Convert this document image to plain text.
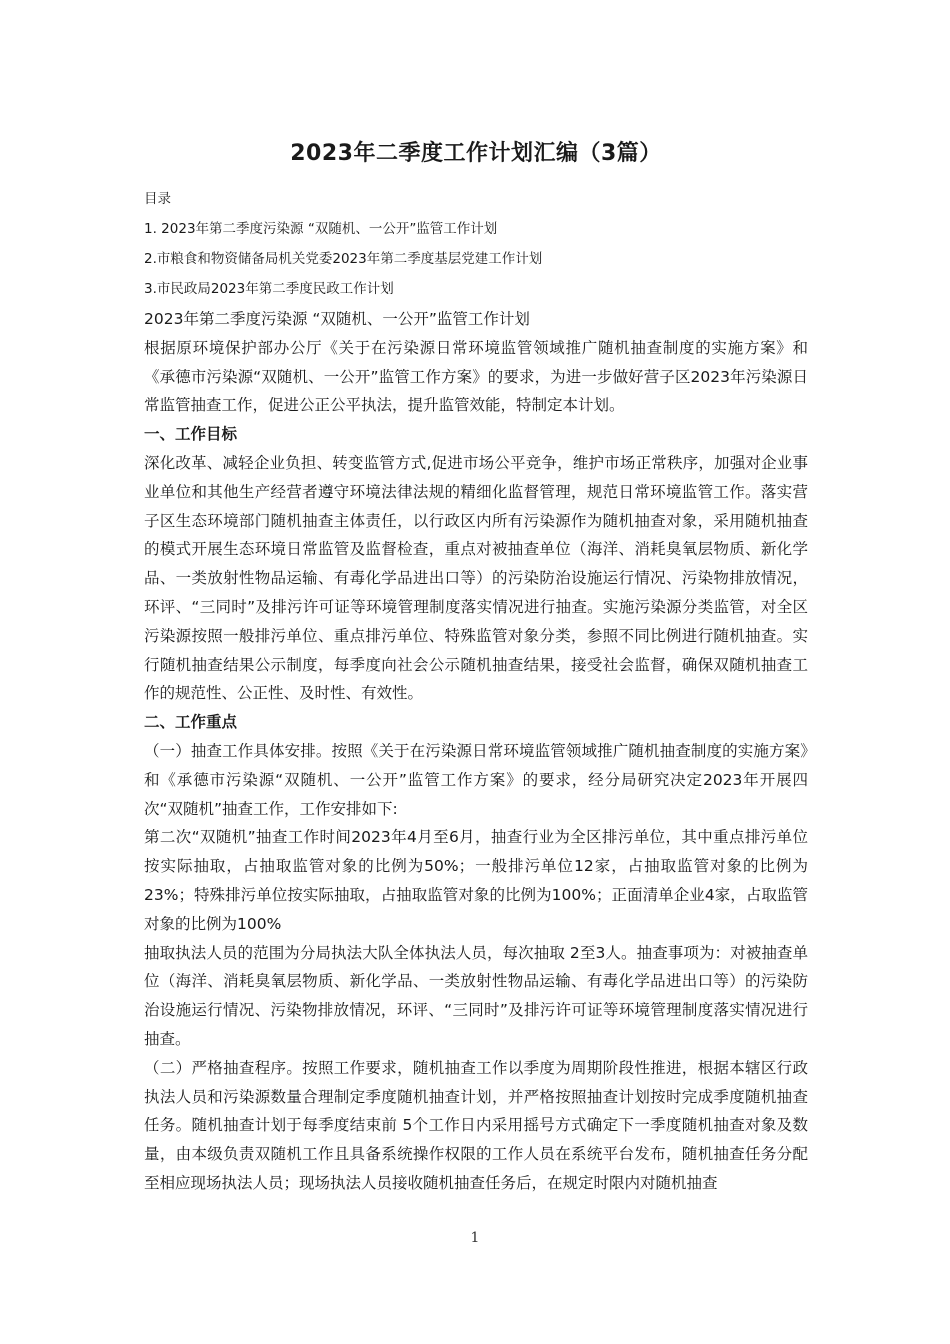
2023年二季度工作计划汇编（3篇）
目录
1. 2023年第二季度污染源 “双随机、一公开”监管工作计划
2.市粮食和物资储备局机关党委2023年第二季度基层党建工作计划
3.市民政局2023年第二季度民政工作计划

2023年第二季度污染源 “双随机、一公开”监管工作计划

根据原环境保护部办公厅《关于在污染源日常环境监管领域推广随机抽查制度的实施方案》和《承德市污染源“双随机、一公开”监管工作方案》的要求，为进一步做好营子区2023年污染源日常监管抽查工作，促进公正公平执法，提升监管效能，特制定本计划。

一、工作目标

深化改革、减轻企业负担、转变监管方式,促进市场公平竞争，维护市场正常秩序，加强对企业事业单位和其他生产经营者遵守环境法律法规的精细化监督管理，规范日常环境监管工作。落实营子区生态环境部门随机抽查主体责任，以行政区内所有污染源作为随机抽查对象，采用随机抽查的模式开展生态环境日常监管及监督检查，重点对被抽查单位（海洋、消耗臭氧层物质、新化学品、一类放射性物品运输、有毒化学品进出口等）的污染防治设施运行情况、污染物排放情况，环评、“三同时”及排污许可证等环境管理制度落实情况进行抽查。实施污染源分类监管，对全区污染源按照一般排污单位、重点排污单位、特殊监管对象分类，参照不同比例进行随机抽查。实行随机抽查结果公示制度，每季度向社会公示随机抽查结果，接受社会监督，确保双随机抽查工作的规范性、公正性、及时性、有效性。

二、工作重点

（一）抽查工作具体安排。按照《关于在污染源日常环境监管领域推广随机抽查制度的实施方案》和《承德市污染源“双随机、一公开”监管工作方案》的要求，经分局研究决定2023年开展四次“双随机”抽查工作，工作安排如下:

第二次“双随机”抽查工作时间2023年4月至6月，抽查行业为全区排污单位，其中重点排污单位按实际抽取，占抽取监管对象的比例为50%；一般排污单位12家，占抽取监管对象的比例为23%；特殊排污单位按实际抽取，占抽取监管对象的比例为100%；正面清单企业4家，占取监管对象的比例为100%

抽取执法人员的范围为分局执法大队全体执法人员，每次抽取 2至3人。抽查事项为：对被抽查单位（海洋、消耗臭氧层物质、新化学品、一类放射性物品运输、有毒化学品进出口等）的污染防治设施运行情况、污染物排放情况，环评、“三同时”及排污许可证等环境管理制度落实情况进行抽查。

（二）严格抽查程序。按照工作要求，随机抽查工作以季度为周期阶段性推进，根据本辖区行政执法人员和污染源数量合理制定季度随机抽查计划，并严格按照抽查计划按时完成季度随机抽查任务。随机抽查计划于每季度结束前 5个工作日内采用摇号方式确定下一季度随机抽查对象及数量，由本级负责双随机工作且具备系统操作权限的工作人员在系统平台发布，随机抽查任务分配至相应现场执法人员；现场执法人员接收随机抽查任务后，在规定时限内对随机抽查

1
